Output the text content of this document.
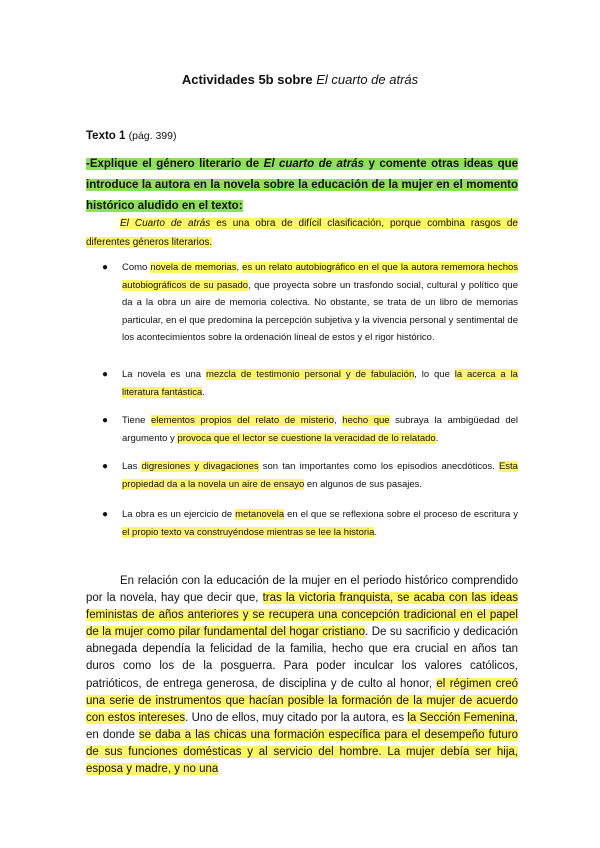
Actividades 5b sobre El cuarto de atrás
Texto 1 (pág. 399)
-Explique el género literario de El cuarto de atrás y comente otras ideas que introduce la autora en la novela sobre la educación de la mujer en el momento histórico aludido en el texto:
El Cuarto de atrás es una obra de difícil clasificación, porque combina rasgos de diferentes géneros literarios.
● Como novela de memorias, es un relato autobiográfico en el que la autora rememora hechos autobiográficos de su pasado, que proyecta sobre un trasfondo social, cultural y político que da a la obra un aire de memoria colectiva. No obstante, se trata de un libro de memorias particular, en el que predomina la percepción subjetiva y la vivencia personal y sentimental de los acontecimientos sobre la ordenación lineal de estos y el rigor histórico.
● La novela es una mezcla de testimonio personal y de fabulación, lo que la acerca a la literatura fantástica.
● Tiene elementos propios del relato de misterio, hecho que subraya la ambigüedad del argumento y provoca que el lector se cuestione la veracidad de lo relatado.
● Las digresiones y divagaciones son tan importantes como los episodios anecdóticos. Esta propiedad da a la novela un aire de ensayo en algunos de sus pasajes.
● La obra es un ejercicio de metanovela en el que se reflexiona sobre el proceso de escritura y el propio texto va construyéndose mientras se lee la historia.
En relación con la educación de la mujer en el periodo histórico comprendido por la novela, hay que decir que, tras la victoria franquista, se acaba con las ideas feministas de años anteriores y se recupera una concepción tradicional en el papel de la mujer como pilar fundamental del hogar cristiano. De su sacrificio y dedicación abnegada dependía la felicidad de la familia, hecho que era crucial en años tan duros como los de la posguerra. Para poder inculcar los valores católicos, patrióticos, de entrega generosa, de disciplina y de culto al honor, el régimen creó una serie de instrumentos que hacían posible la formación de la mujer de acuerdo con estos intereses. Uno de ellos, muy citado por la autora, es la Sección Femenina, en donde se daba a las chicas una formación específica para el desempeño futuro de sus funciones domésticas y al servicio del hombre. La mujer debía ser hija, esposa y madre, y no una
